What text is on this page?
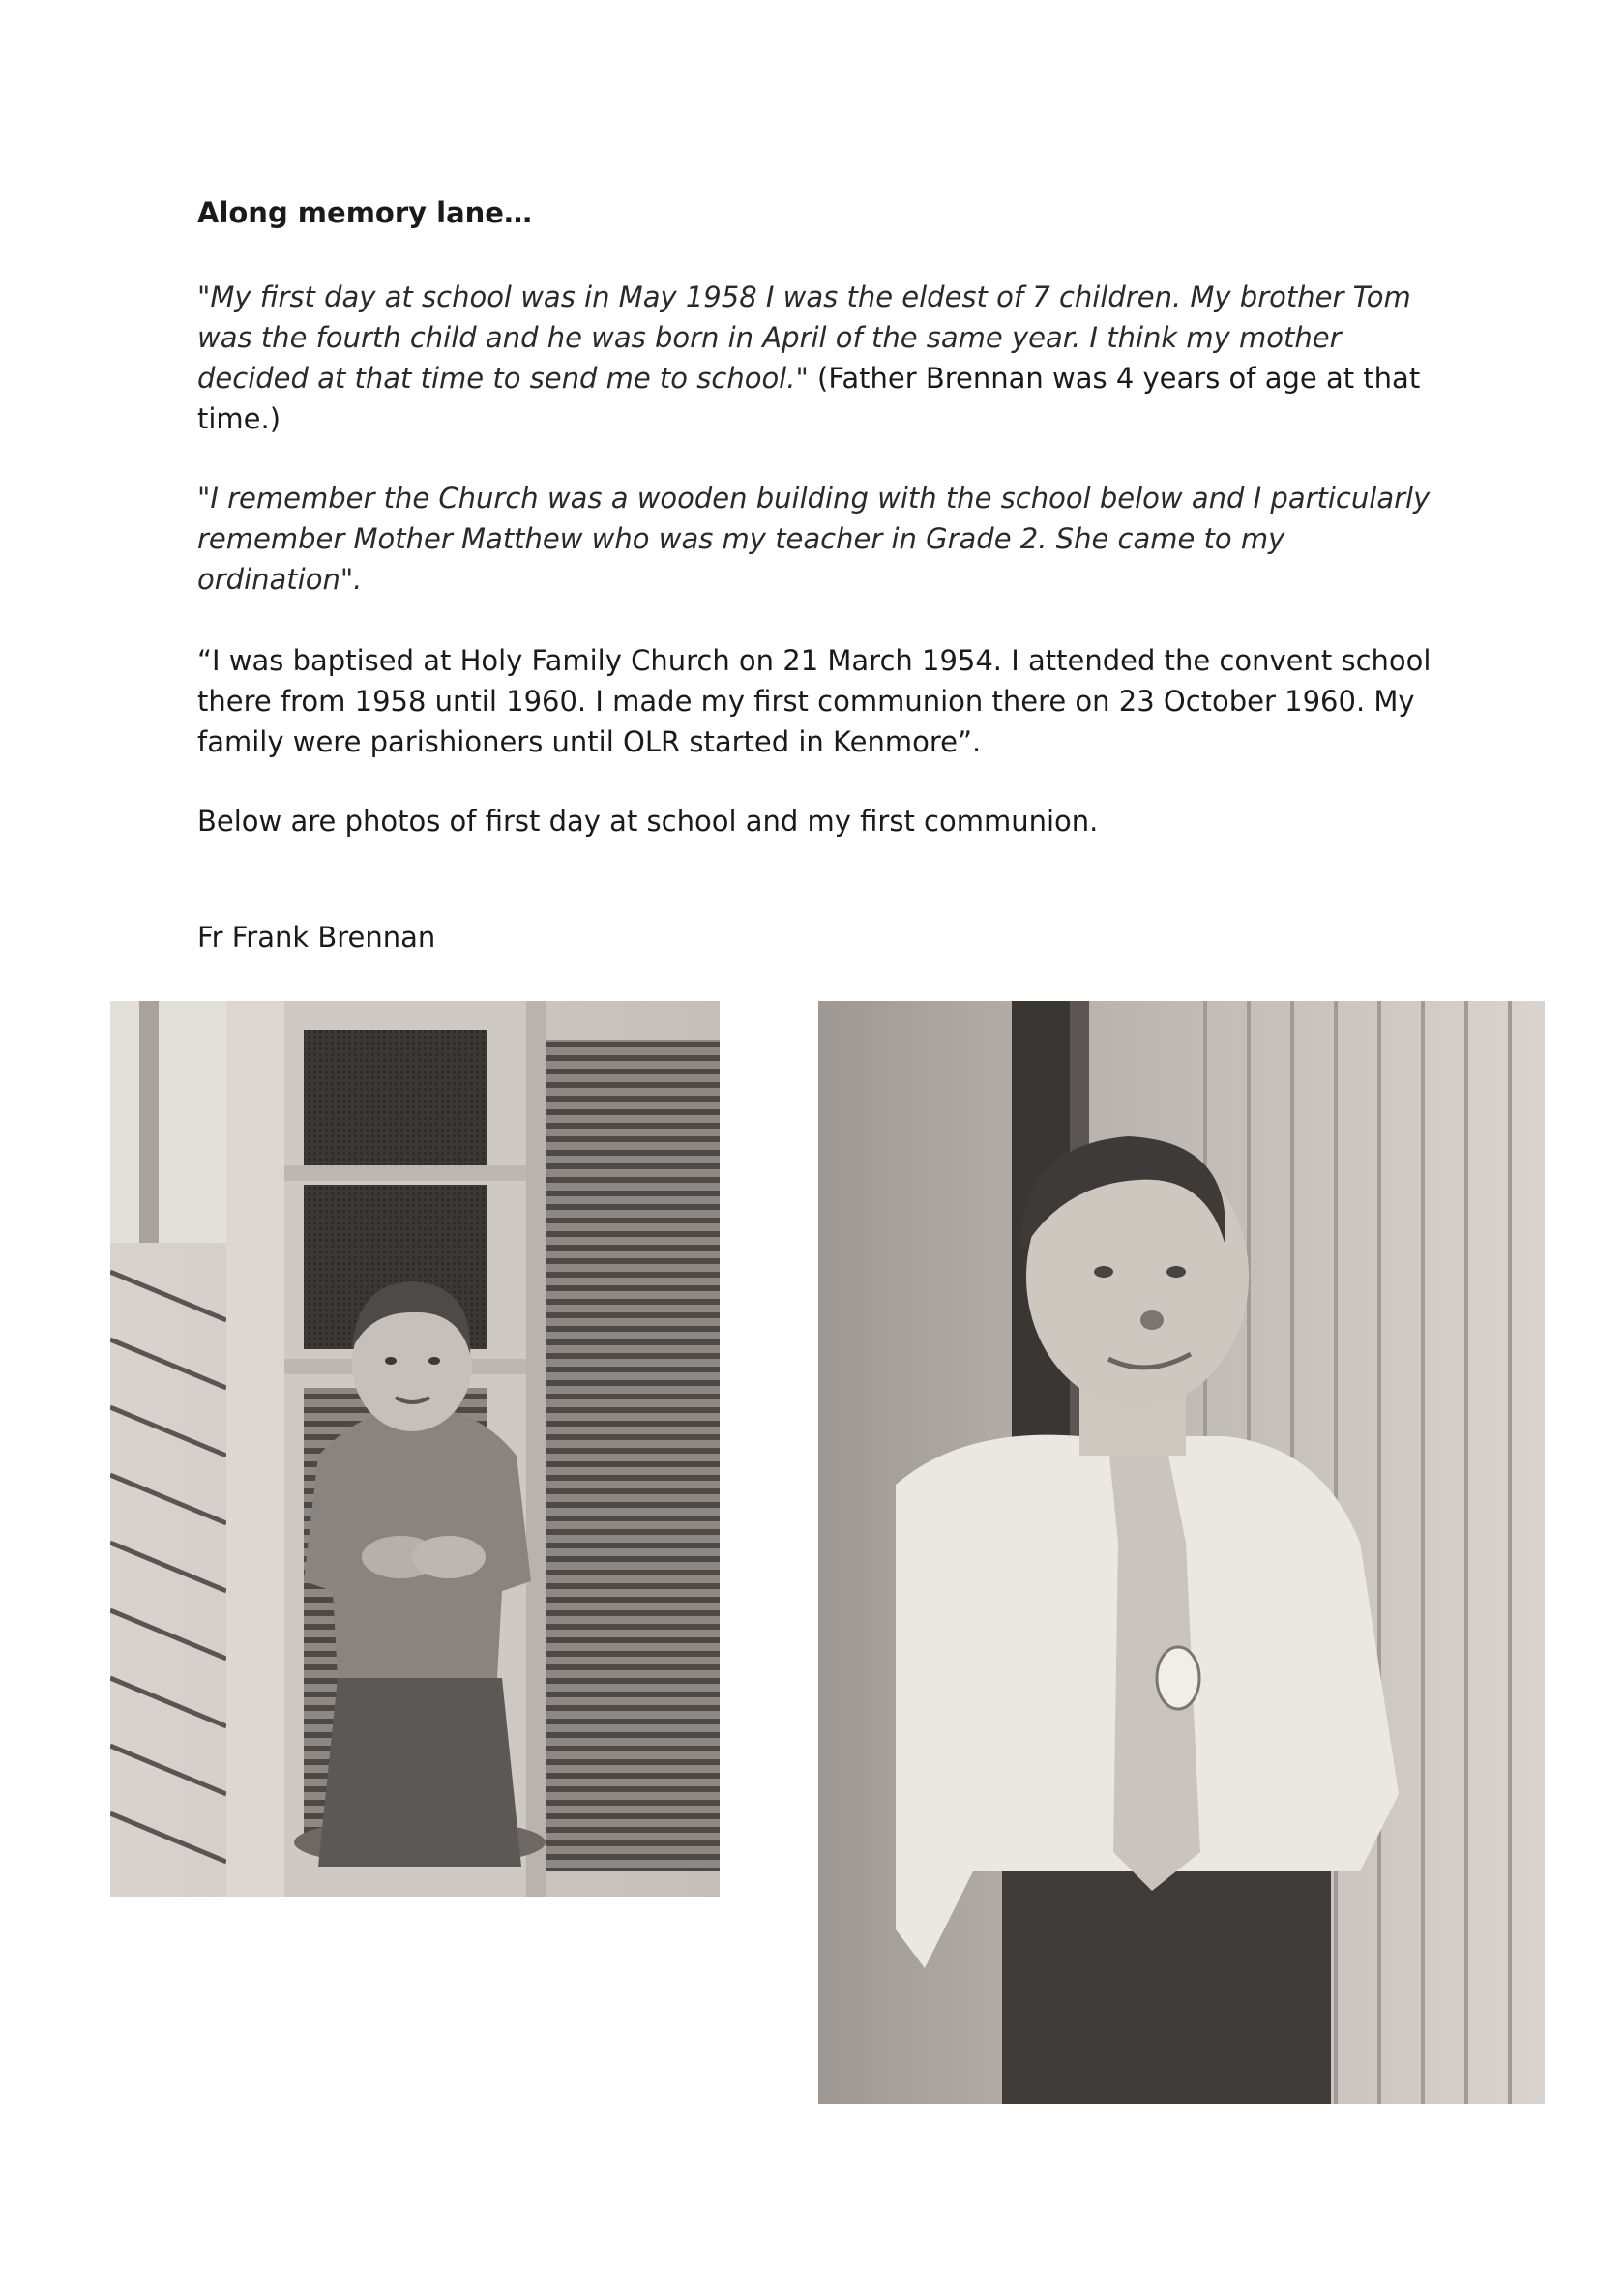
Along memory lane…
"My first day at school was in May 1958 I was the eldest of 7 children. My brother Tom was the fourth child and he was born in April of the same year. I think my mother decided at that time to send me to school." (Father Brennan was 4 years of age at that time.)
"I remember the Church was a wooden building with the school below and I particularly remember Mother Matthew who was my teacher in Grade 2. She came to my ordination".
“I was baptised at Holy Family Church on 21 March 1954. I attended the convent school there from 1958 until 1960. I made my first communion there on 23 October 1960. My family were parishioners until OLR started in Kenmore”.
Below are photos of first day at school and my first communion.
Fr Frank Brennan
